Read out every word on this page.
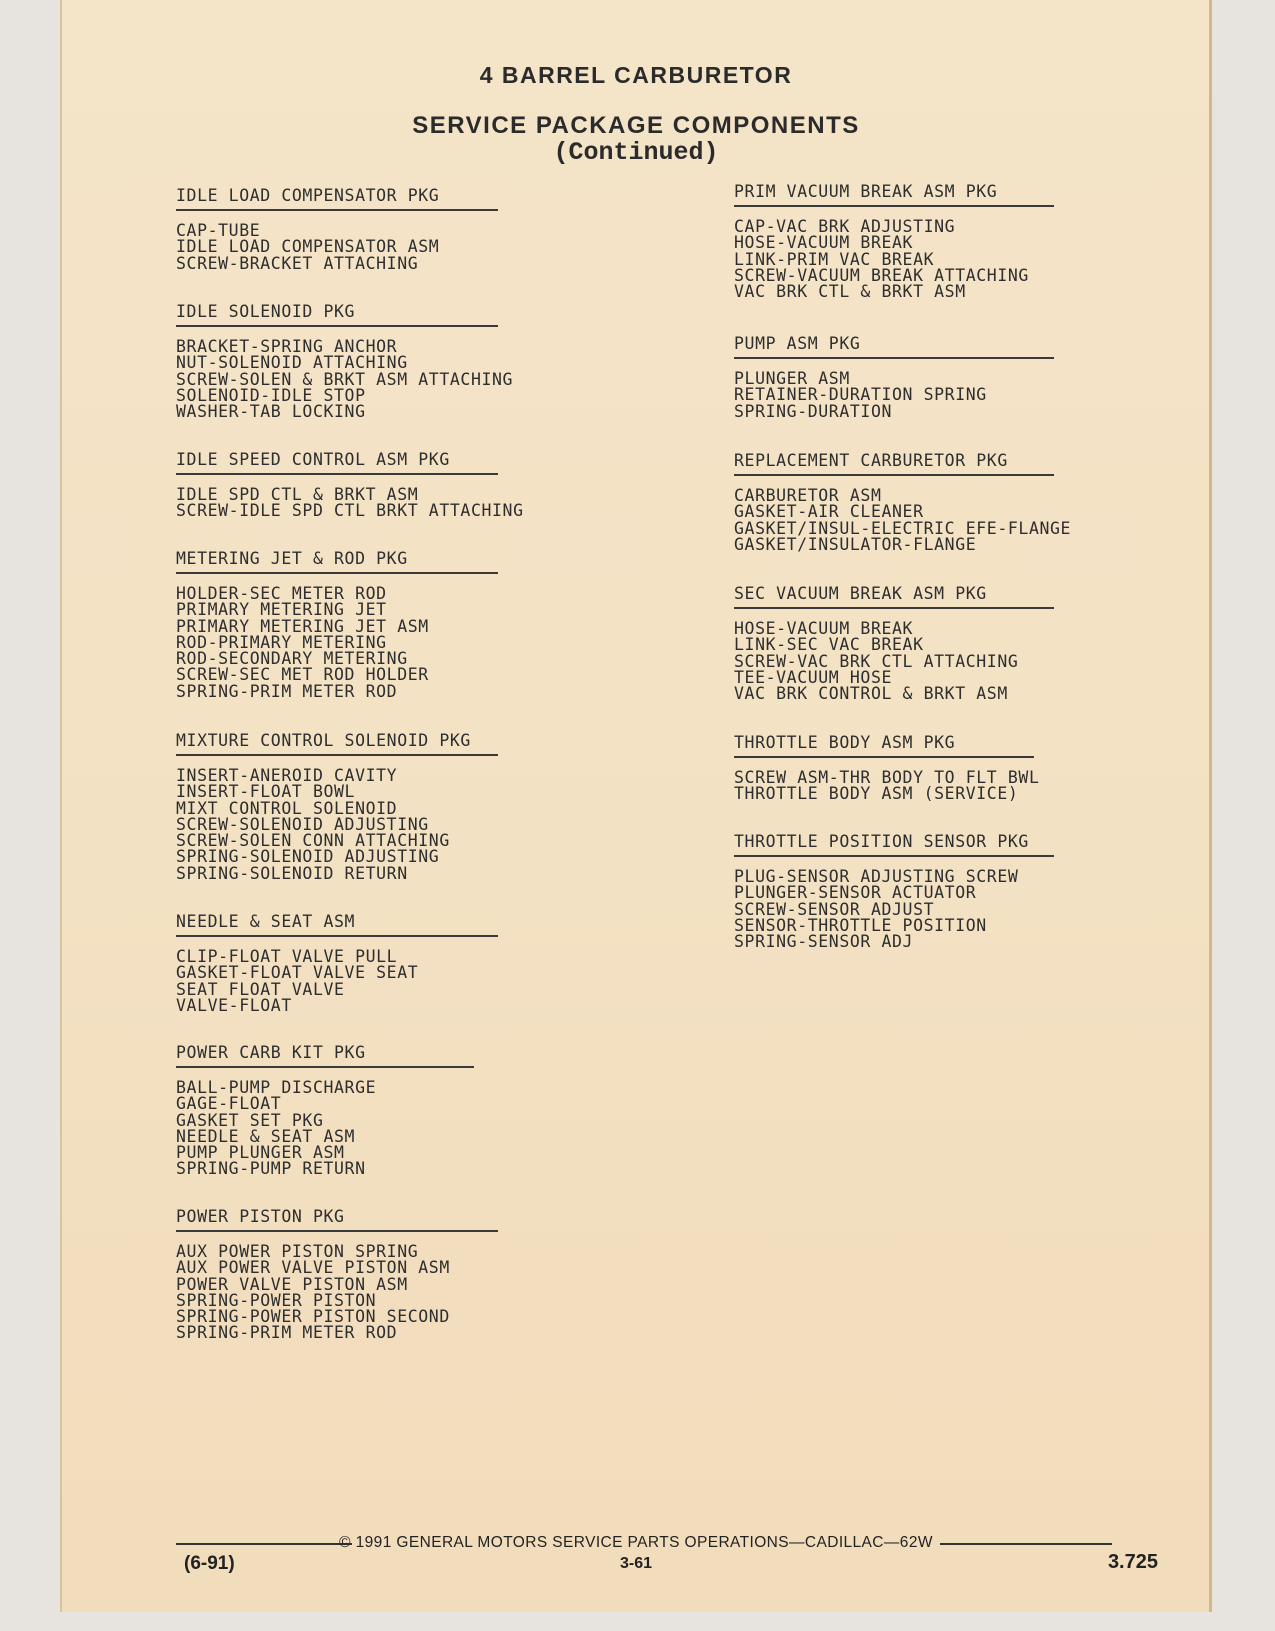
4 BARREL CARBURETOR
SERVICE PACKAGE COMPONENTS
(Continued)
IDLE LOAD COMPENSATOR PKG
CAP-TUBE
IDLE LOAD COMPENSATOR ASM
SCREW-BRACKET ATTACHING
IDLE SOLENOID PKG
BRACKET-SPRING ANCHOR
NUT-SOLENOID ATTACHING
SCREW-SOLEN & BRKT ASM ATTACHING
SOLENOID-IDLE STOP
WASHER-TAB LOCKING
IDLE SPEED CONTROL ASM PKG
IDLE SPD CTL & BRKT ASM
SCREW-IDLE SPD CTL BRKT ATTACHING
METERING JET & ROD PKG
HOLDER-SEC METER ROD
PRIMARY METERING JET
PRIMARY METERING JET ASM
ROD-PRIMARY METERING
ROD-SECONDARY METERING
SCREW-SEC MET ROD HOLDER
SPRING-PRIM METER ROD
MIXTURE CONTROL SOLENOID PKG
INSERT-ANEROID CAVITY
INSERT-FLOAT BOWL
MIXT CONTROL SOLENOID
SCREW-SOLENOID ADJUSTING
SCREW-SOLEN CONN ATTACHING
SPRING-SOLENOID ADJUSTING
SPRING-SOLENOID RETURN
NEEDLE & SEAT ASM
CLIP-FLOAT VALVE PULL
GASKET-FLOAT VALVE SEAT
SEAT FLOAT VALVE
VALVE-FLOAT
POWER CARB KIT PKG
BALL-PUMP DISCHARGE
GAGE-FLOAT
GASKET SET PKG
NEEDLE & SEAT ASM
PUMP PLUNGER ASM
SPRING-PUMP RETURN
POWER PISTON PKG
AUX POWER PISTON SPRING
AUX POWER VALVE PISTON ASM
POWER VALVE PISTON ASM
SPRING-POWER PISTON
SPRING-POWER PISTON SECOND
SPRING-PRIM METER ROD
PRIM VACUUM BREAK ASM PKG
CAP-VAC BRK ADJUSTING
HOSE-VACUUM BREAK
LINK-PRIM VAC BREAK
SCREW-VACUUM BREAK ATTACHING
VAC BRK CTL & BRKT ASM
PUMP ASM PKG
PLUNGER ASM
RETAINER-DURATION SPRING
SPRING-DURATION
REPLACEMENT CARBURETOR PKG
CARBURETOR ASM
GASKET-AIR CLEANER
GASKET/INSUL-ELECTRIC EFE-FLANGE
GASKET/INSULATOR-FLANGE
SEC VACUUM BREAK ASM PKG
HOSE-VACUUM BREAK
LINK-SEC VAC BREAK
SCREW-VAC BRK CTL ATTACHING
TEE-VACUUM HOSE
VAC BRK CONTROL & BRKT ASM
THROTTLE BODY ASM PKG
SCREW ASM-THR BODY TO FLT BWL
THROTTLE BODY ASM (SERVICE)
THROTTLE POSITION SENSOR PKG
PLUG-SENSOR ADJUSTING SCREW
PLUNGER-SENSOR ACTUATOR
SCREW-SENSOR ADJUST
SENSOR-THROTTLE POSITION
SPRING-SENSOR ADJ
© 1991 GENERAL MOTORS SERVICE PARTS OPERATIONS—CADILLAC—62W
(6-91)	3-61	3.725
